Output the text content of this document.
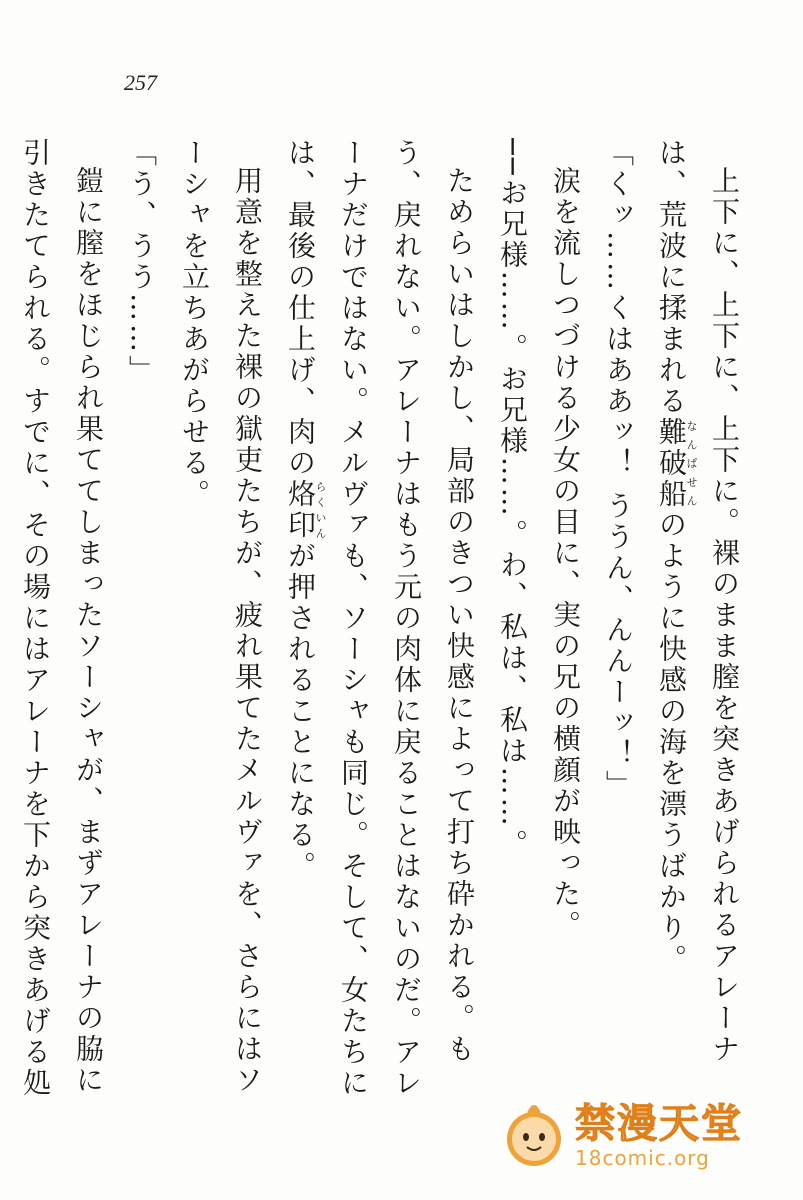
257

上下に、上下に、上下に。裸のまま膣を突きあげられるアレーナは、荒波に揉まれる難破船なんぱせんのように快感の海を漂うばかり。

「くッ……くはああッ！ ううん、んんーッ！」

涙を流しつづける少女の目に、実の兄の横顔が映った。

──お兄様……。お兄様……。わ、私は、私は……。

ためらいはしかし、局部のきつい快感によって打ち砕かれる。もう、戻れない。アレーナはもう元の肉体に戻ることはないのだ。アレーナだけではない。メルヴァも、ソーシャも同じ。そして、女たちには、最後の仕上げ、肉の烙印らくいんが押されることになる。

用意を整えた裸の獄吏たちが、疲れ果てたメルヴァを、さらにはソーシャを立ちあがらせる。

「う、うう……」

鎧に膣をほじられ果ててしまったソーシャが、まずアレーナの脇に引きたてられる。すでに、その場にはアレーナを下から突きあげる処

禁漫天堂
18comic.org
